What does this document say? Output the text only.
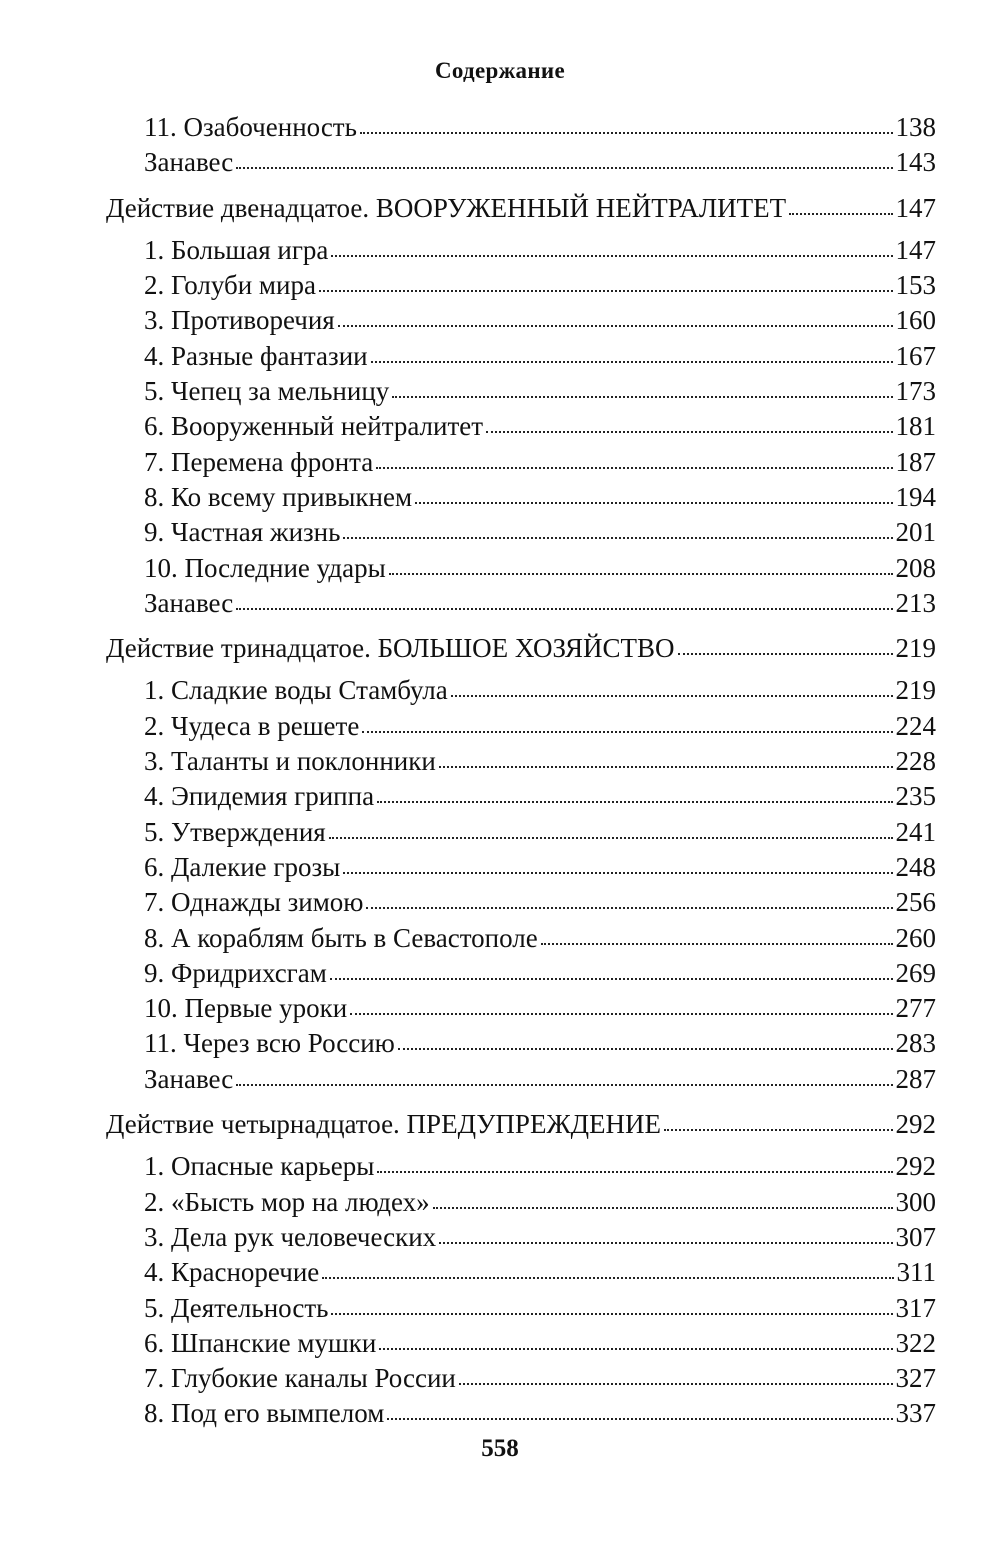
Содержание
11. Озабоченность	138
Занавес	143
Действие двенадцатое. ВООРУЖЕННЫЙ НЕЙТРАЛИТЕТ	147
1. Большая игра	147
2. Голуби мира	153
3. Противоречия	160
4. Разные фантазии	167
5. Чепец за мельницу	173
6. Вооруженный нейтралитет	181
7. Перемена фронта	187
8. Ко всему привыкнем	194
9. Частная жизнь	201
10. Последние удары	208
Занавес	213
Действие тринадцатое. БОЛЬШОЕ ХОЗЯЙСТВО	219
1. Сладкие воды Стамбула	219
2. Чудеса в решете	224
3. Таланты и поклонники	228
4. Эпидемия гриппа	235
5. Утверждения	241
6. Далекие грозы	248
7. Однажды зимою	256
8. А кораблям быть в Севастополе	260
9. Фридрихсгам	269
10. Первые уроки	277
11. Через всю Россию	283
Занавес	287
Действие четырнадцатое. ПРЕДУПРЕЖДЕНИЕ	292
1. Опасные карьеры	292
2. «Бысть мор на людех»	300
3. Дела рук человеческих	307
4. Красноречие	311
5. Деятельность	317
6. Шпанские мушки	322
7. Глубокие каналы России	327
8. Под его вымпелом	337
558
